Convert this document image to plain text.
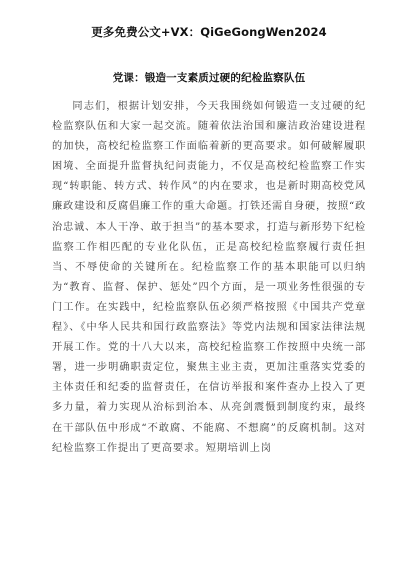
更多免费公文+VX：QiGeGongWen2024
党课：锻造一支素质过硬的纪检监察队伍

同志们，根据计划安排，今天我围绕如何锻造一支过硬的纪检监察队伍和大家一起交流。随着依法治国和廉洁政治建设进程的加快，高校纪检监察工作面临着新的更高要求。如何破解履职困境、全面提升监督执纪问责能力，不仅是高校纪检监察工作实现“转职能、转方式、转作风”的内在要求，也是新时期高校党风廉政建设和反腐倡廉工作的重大命题。打铁还需自身硬，按照“政治忠诚、本人干净、敢于担当”的基本要求，打造与新形势下纪检监察工作相匹配的专业化队伍，正是高校纪检监察履行责任担当、不辱使命的关键所在。纪检监察工作的基本职能可以归纳为“教育、监督、保护、惩处”四个方面，是一项业务性很强的专门工作。在实践中，纪检监察队伍必须严格按照《中国共产党章程》、《中华人民共和国行政监察法》等党内法规和国家法律法规开展工作。党的十八大以来，高校纪检监察工作按照中央统一部署，进一步明确职责定位，聚焦主业主责，更加注重落实党委的主体责任和纪委的监督责任，在信访举报和案件查办上投入了更多力量，着力实现从治标到治本、从亮剑震慑到制度约束，最终在干部队伍中形成“不敢腐、不能腐、不想腐”的反腐机制。这对纪检监察工作提出了更高要求。短期培训上岗
